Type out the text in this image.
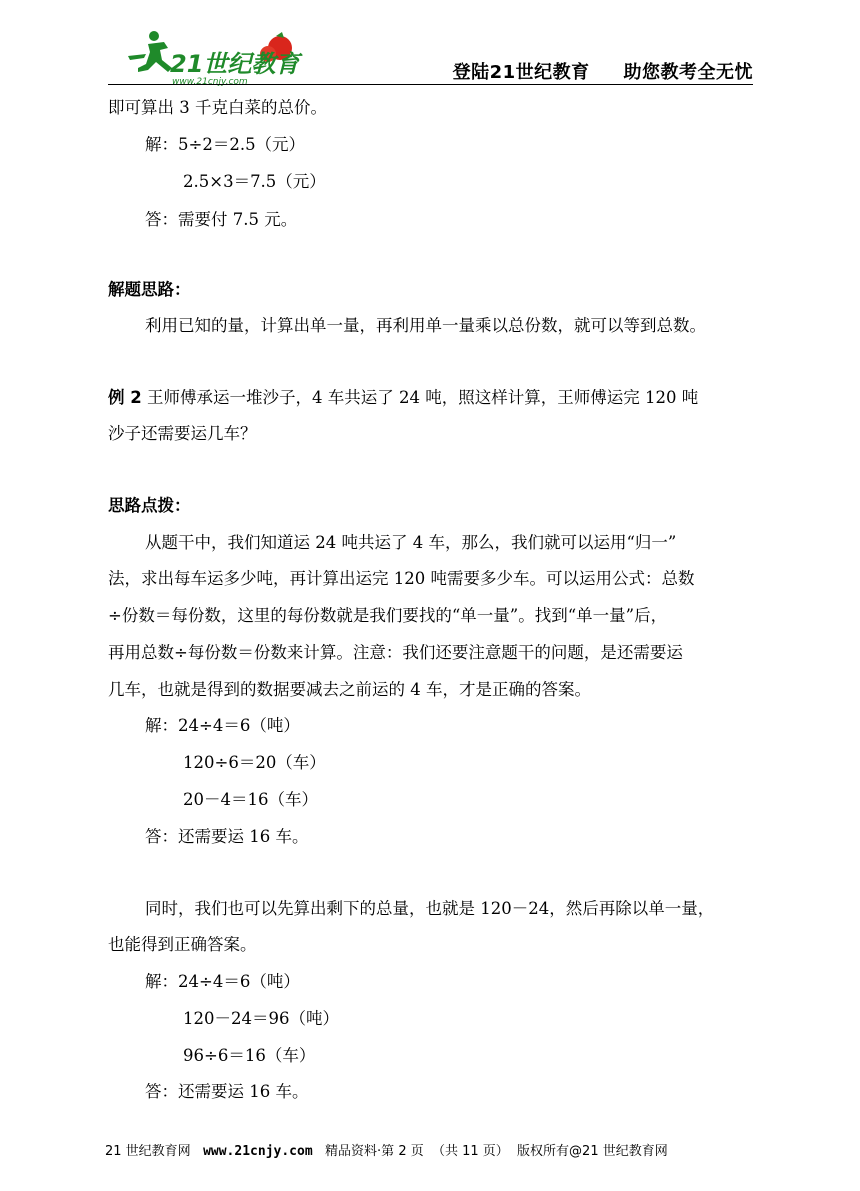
21世纪教育
www.21cnjy.com	登陆21世纪教育     助您教考全无忧
即可算出 3 千克白菜的总价。
解：5÷2＝2.5（元）
2.5×3＝7.5（元）
答：需要付 7.5 元。
解题思路：
利用已知的量，计算出单一量，再利用单一量乘以总份数，就可以等到总数。
例 2 王师傅承运一堆沙子，4 车共运了 24 吨，照这样计算，王师傅运完 120 吨
沙子还需要运几车？
思路点拨：
从题干中，我们知道运 24 吨共运了 4 车，那么，我们就可以运用“归一”
法，求出每车运多少吨，再计算出运完 120 吨需要多少车。可以运用公式：总数
÷份数＝每份数，这里的每份数就是我们要找的“单一量”。找到“单一量”后，
再用总数÷每份数＝份数来计算。注意：我们还要注意题干的问题，是还需要运
几车，也就是得到的数据要减去之前运的 4 车，才是正确的答案。
解：24÷4＝6（吨）
120÷6＝20（车）
20－4＝16（车）
答：还需要运 16 车。
同时，我们也可以先算出剩下的总量，也就是 120－24，然后再除以单一量，
也能得到正确答案。
解：24÷4＝6（吨）
120－24＝96（吨）
96÷6＝16（车）
答：还需要运 16 车。
21 世纪教育网   www.21cnjy.com   精品资料·第 2 页  （共 11 页）  版权所有@21 世纪教育网
